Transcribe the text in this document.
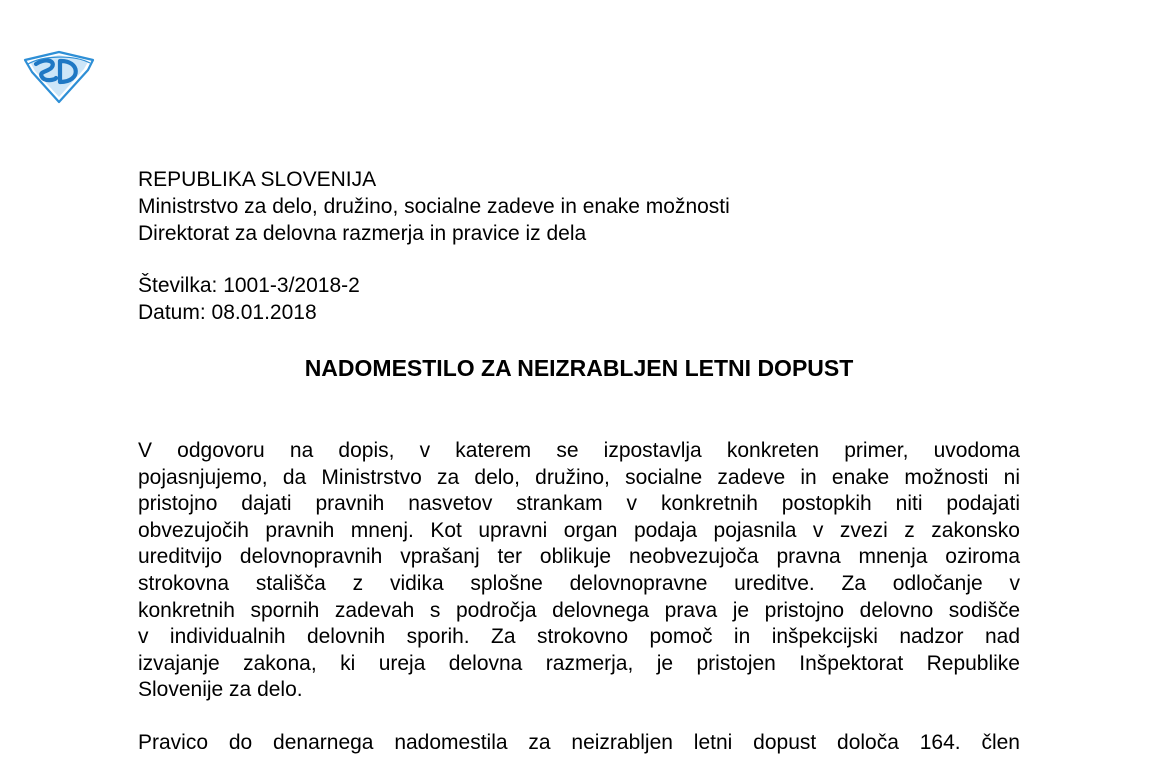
REPUBLIKA SLOVENIJA
Ministrstvo za delo, družino, socialne zadeve in enake možnosti
Direktorat za delovna razmerja in pravice iz dela
Številka: 1001-3/2018-2
Datum: 08.01.2018
NADOMESTILO ZA NEIZRABLJEN LETNI DOPUST

V odgovoru na dopis, v katerem se izpostavlja konkreten primer, uvodoma
pojasnjujemo, da Ministrstvo za delo, družino, socialne zadeve in enake možnosti ni
pristojno dajati pravnih nasvetov strankam v konkretnih postopkih niti podajati
obvezujočih pravnih mnenj. Kot upravni organ podaja pojasnila v zvezi z zakonsko
ureditvijo delovnopravnih vprašanj ter oblikuje neobvezujoča pravna mnenja oziroma
strokovna stališča z vidika splošne delovnopravne ureditve. Za odločanje v
konkretnih spornih zadevah s področja delovnega prava je pristojno delovno sodišče
v individualnih delovnih sporih. Za strokovno pomoč in inšpekcijski nadzor nad
izvajanje zakona, ki ureja delovna razmerja, je pristojen Inšpektorat Republike
Slovenije za delo.

Pravico do denarnega nadomestila za neizrabljen letni dopust določa 164. člen
